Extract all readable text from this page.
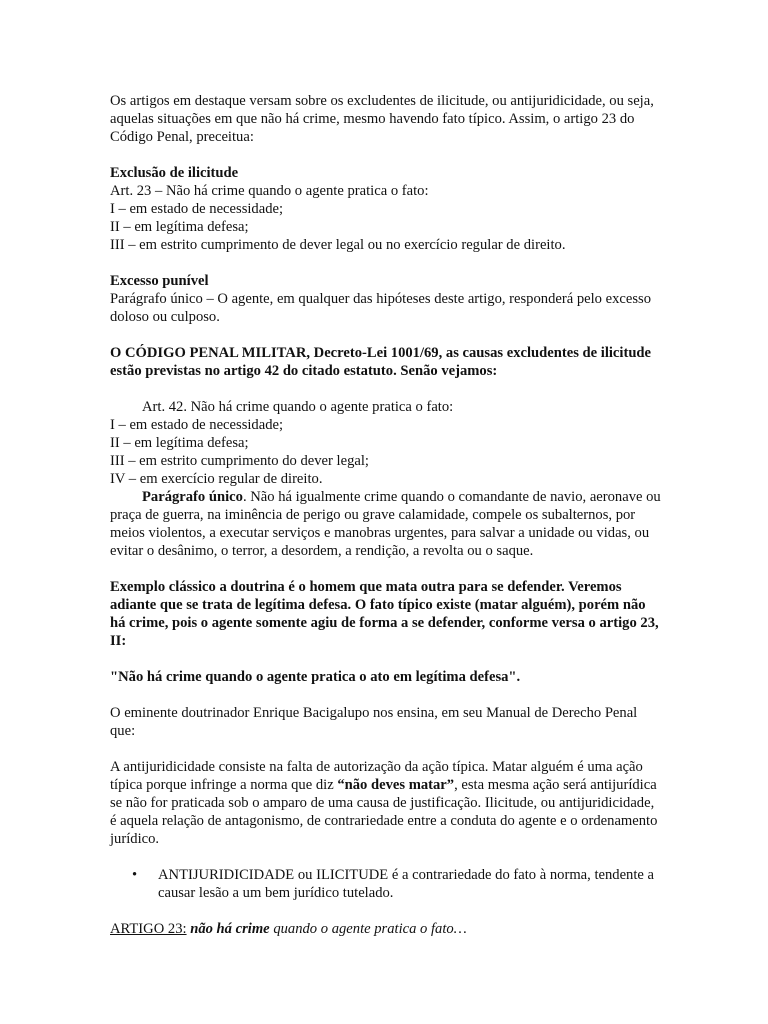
Os artigos em destaque versam sobre os excludentes de ilicitude, ou antijuridicidade, ou seja, aquelas situações em que não há crime, mesmo havendo fato típico. Assim, o artigo 23 do Código Penal, preceitua:

Exclusão de ilicitude

Art. 23 – Não há crime quando o agente pratica o fato:

I – em estado de necessidade;

II – em legítima defesa;

III – em estrito cumprimento de dever legal ou no exercício regular de direito.

Excesso punível

Parágrafo único – O agente, em qualquer das hipóteses deste artigo, responderá pelo excesso doloso ou culposo.

O CÓDIGO PENAL MILITAR, Decreto-Lei 1001/69, as causas excludentes de ilicitude estão previstas no artigo 42 do citado estatuto. Senão vejamos:

Art. 42. Não há crime quando o agente pratica o fato:

I – em estado de necessidade;

II – em legítima defesa;

III – em estrito cumprimento do dever legal;

IV – em exercício regular de direito.

Parágrafo único. Não há igualmente crime quando o comandante de navio, aeronave ou praça de guerra, na iminência de perigo ou grave calamidade, compele os subalternos, por meios violentos, a executar serviços e manobras urgentes, para salvar a unidade ou vidas, ou evitar o desânimo, o terror, a desordem, a rendição, a revolta ou o saque.

Exemplo clássico a doutrina é o homem que mata outra para se defender. Veremos adiante que se trata de legítima defesa. O fato típico existe (matar alguém), porém não há crime, pois o agente somente agiu de forma a se defender, conforme versa o artigo 23, II:

"Não há crime quando o agente pratica o ato em legítima defesa".

O eminente doutrinador Enrique Bacigalupo nos ensina, em seu Manual de Derecho Penal que:

A antijuridicidade consiste na falta de autorização da ação típica. Matar alguém é uma ação típica porque infringe a norma que diz “não deves matar”, esta mesma ação será antijurídica se não for praticada sob o amparo de uma causa de justificação. Ilicitude, ou antijuridicidade, é aquela relação de antagonismo, de contrariedade entre a conduta do agente e o ordenamento jurídico.

• ANTIJURIDICIDADE ou ILICITUDE é a contrariedade do fato à norma, tendente a causar lesão a um bem jurídico tutelado.

ARTIGO 23: não há crime quando o agente pratica o fato…
